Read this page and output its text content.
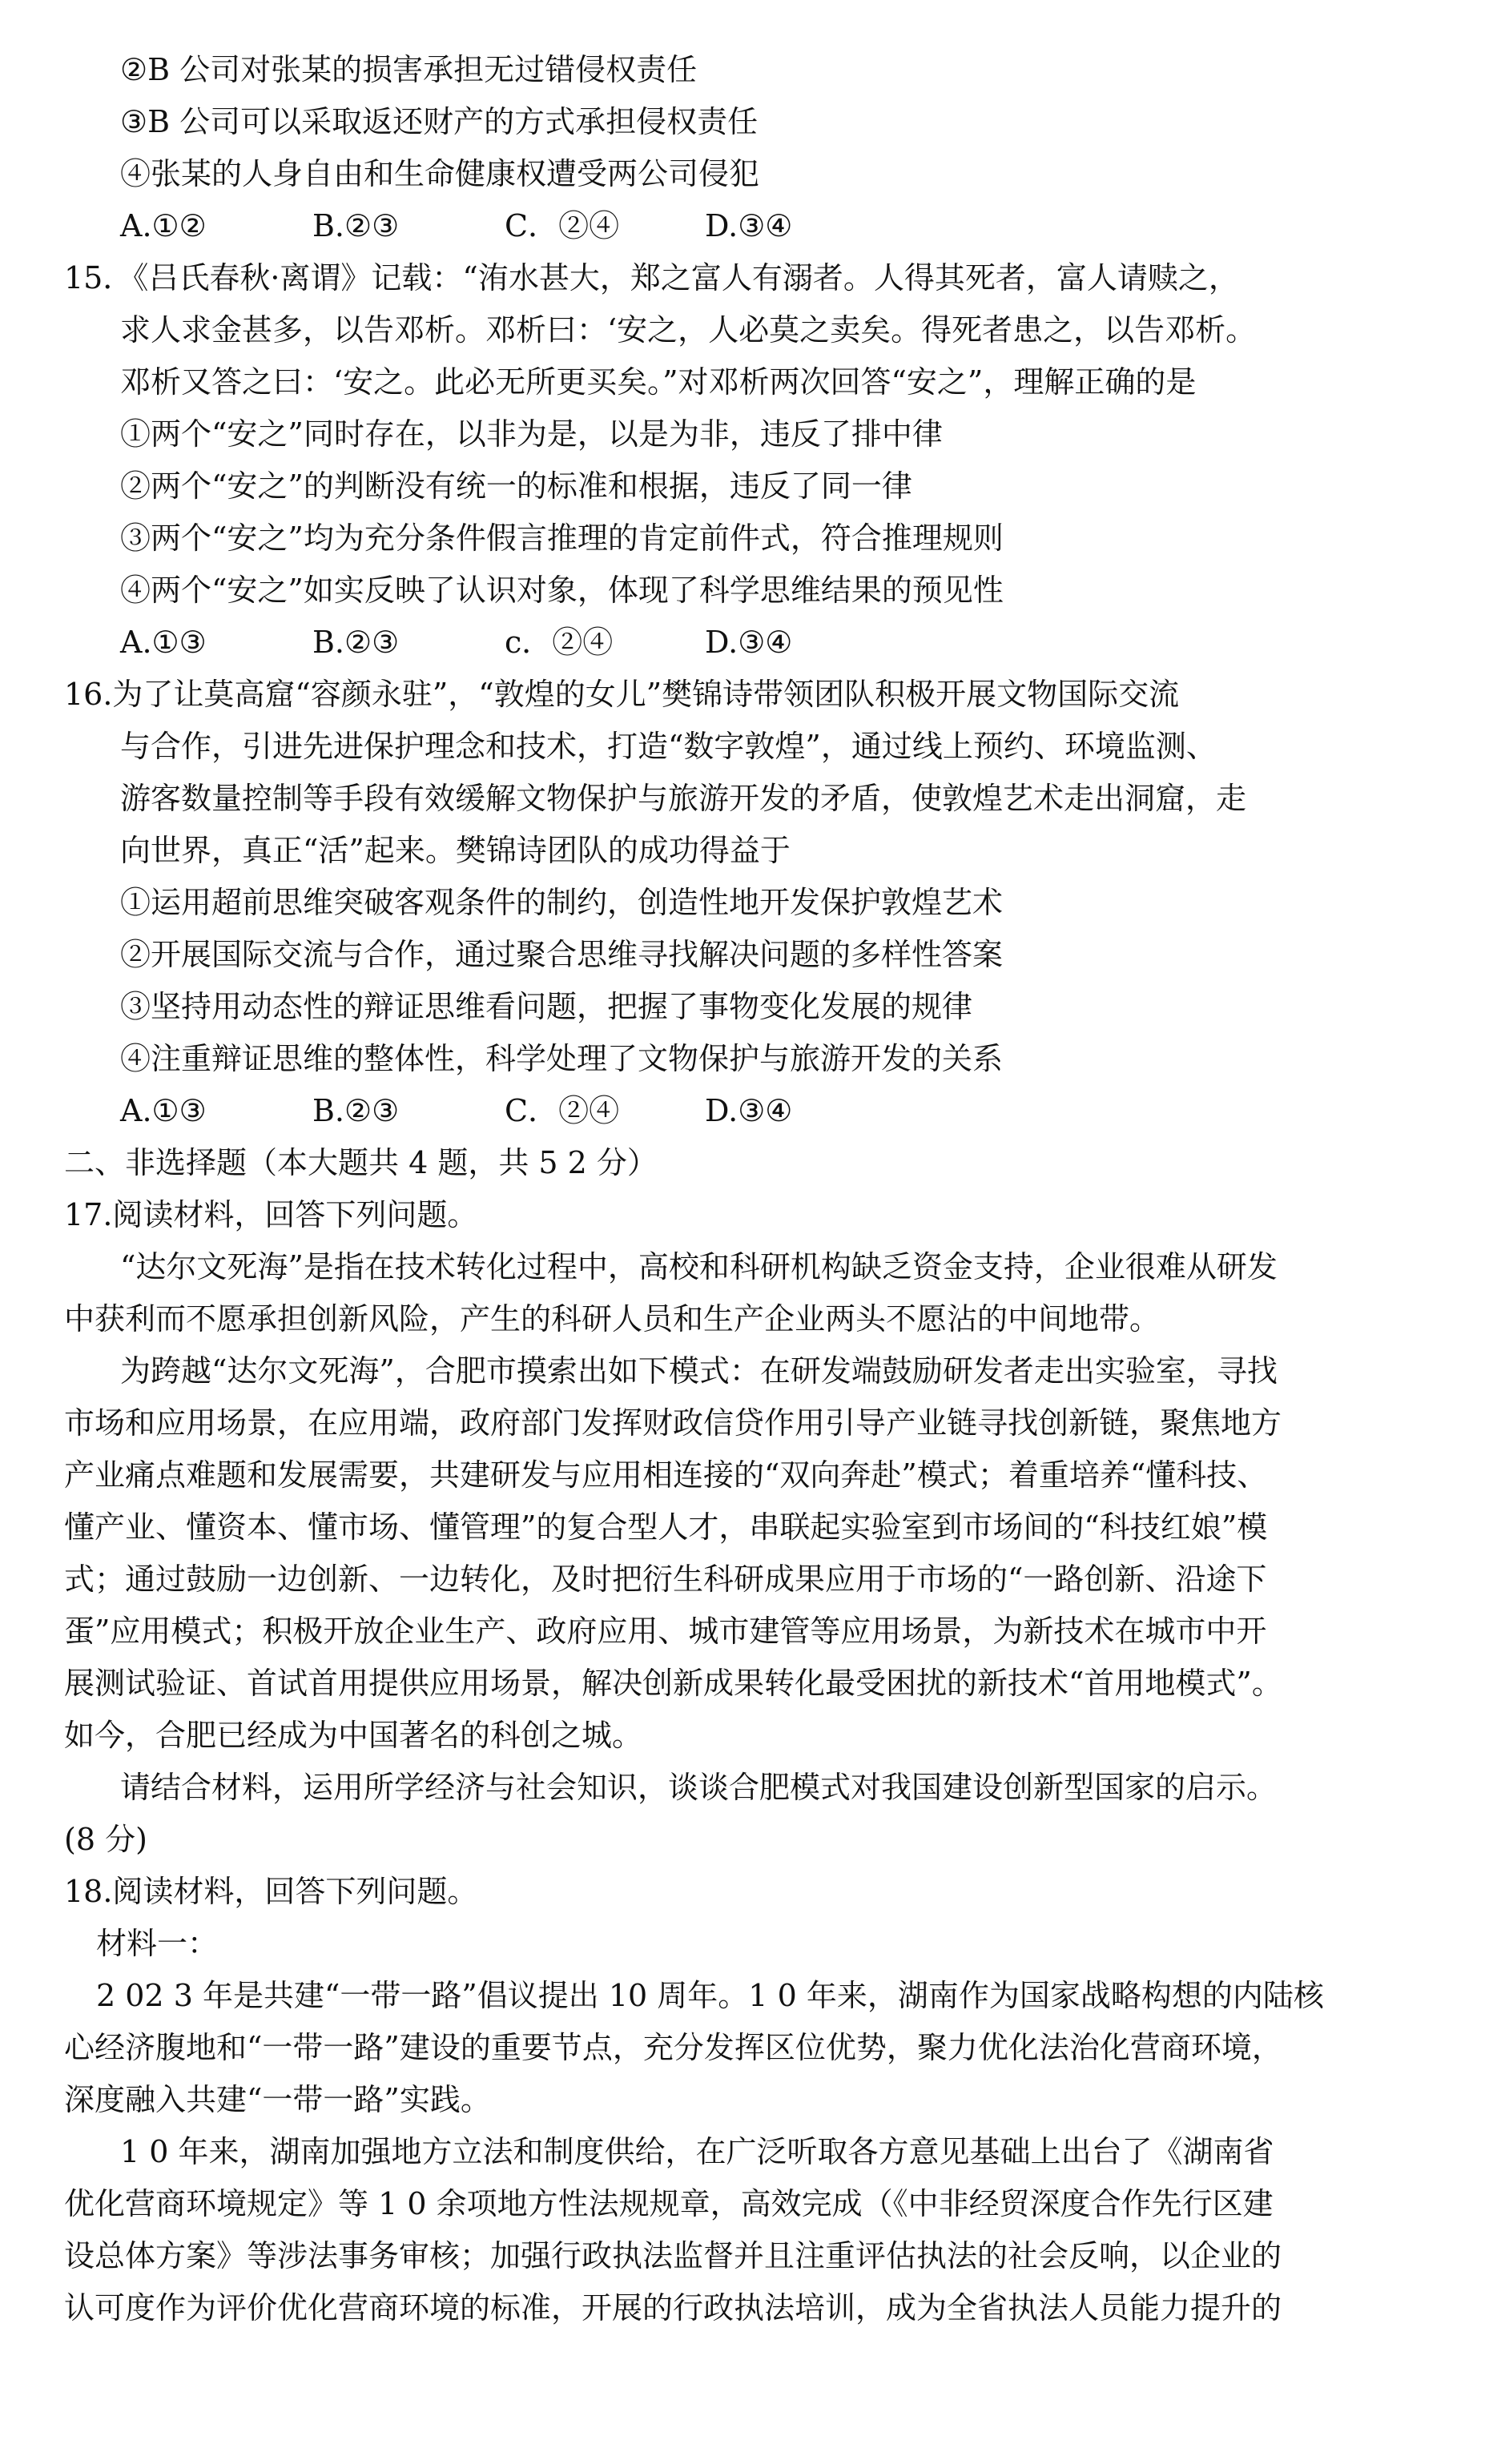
②B 公司对张某的损害承担无过错侵权责任
③B 公司可以采取返还财产的方式承担侵权责任
④张某的人身自由和生命健康权遭受两公司侵犯
A.①②	B.②③	C．②④	D.③④
15．《吕氏春秋·离谓》记载：“洧水甚大，郑之富人有溺者。人得其死者，富人请赎之，
求人求金甚多，以告邓析。邓析曰：‘安之，人必莫之卖矣。得死者患之，以告邓析。
邓析又答之曰：‘安之。此必无所更买矣。”对邓析两次回答“安之”，理解正确的是
①两个“安之”同时存在，以非为是，以是为非，违反了排中律
②两个“安之”的判断没有统一的标准和根据，违反了同一律
③两个“安之”均为充分条件假言推理的肯定前件式，符合推理规则
④两个“安之”如实反映了认识对象，体现了科学思维结果的预见性
A.①③	B.②③	c．②④	D.③④
16.为了让莫高窟“容颜永驻”，“敦煌的女儿”樊锦诗带领团队积极开展文物国际交流
与合作，引进先进保护理念和技术，打造“数字敦煌”，通过线上预约、环境监测、
游客数量控制等手段有效缓解文物保护与旅游开发的矛盾，使敦煌艺术走出洞窟，走
向世界，真正“活”起来。樊锦诗团队的成功得益于
①运用超前思维突破客观条件的制约，创造性地开发保护敦煌艺术
②开展国际交流与合作，通过聚合思维寻找解决问题的多样性答案
③坚持用动态性的辩证思维看问题，把握了事物变化发展的规律
④注重辩证思维的整体性，科学处理了文物保护与旅游开发的关系
A.①③	B.②③	C．②④	D.③④
二、非选择题（本大题共 4 题，共 5 2 分）
17.阅读材料，回答下列问题。
“达尔文死海”是指在技术转化过程中，高校和科研机构缺乏资金支持，企业很难从研发
中获利而不愿承担创新风险，产生的科研人员和生产企业两头不愿沾的中间地带。
为跨越“达尔文死海”，合肥市摸索出如下模式：在研发端鼓励研发者走出实验室，寻找
市场和应用场景，在应用端，政府部门发挥财政信贷作用引导产业链寻找创新链，聚焦地方
产业痛点难题和发展需要，共建研发与应用相连接的“双向奔赴”模式；着重培养“懂科技、
懂产业、懂资本、懂市场、懂管理”的复合型人才，串联起实验室到市场间的“科技红娘”模
式；通过鼓励一边创新、一边转化，及时把衍生科研成果应用于市场的“一路创新、沿途下
蛋”应用模式；积极开放企业生产、政府应用、城市建管等应用场景，为新技术在城市中开
展测试验证、首试首用提供应用场景，解决创新成果转化最受困扰的新技术“首用地模式”。
如今，合肥已经成为中国著名的科创之城。
请结合材料，运用所学经济与社会知识，谈谈合肥模式对我国建设创新型国家的启示。
(8 分)
18.阅读材料，回答下列问题。
材料一：
2 02 3 年是共建“一带一路”倡议提出 10 周年。1 0 年来，湖南作为国家战略构想的内陆核
心经济腹地和“一带一路”建设的重要节点，充分发挥区位优势，聚力优化法治化营商环境，
深度融入共建“一带一路”实践。
1 0 年来，湖南加强地方立法和制度供给，在广泛听取各方意见基础上出台了《湖南省
优化营商环境规定》等 1 0 余项地方性法规规章，高效完成（《中非经贸深度合作先行区建
设总体方案》等涉法事务审核；加强行政执法监督并且注重评估执法的社会反响，以企业的
认可度作为评价优化营商环境的标准，开展的行政执法培训，成为全省执法人员能力提升的
